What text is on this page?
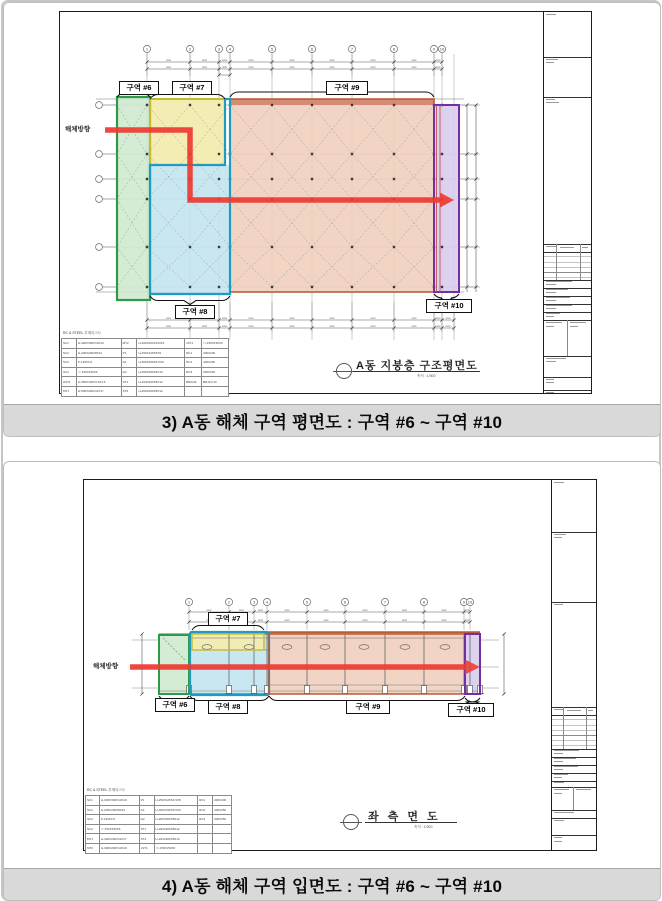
1	2	3 4	5	6	7	8	9 10
구역 #6	구역 #7	구역 #9
구역 #8
구역 #10
해체방향
RC & STEEL 부재리스트
SC1	H-300X300X10X16	MT2	H-300X200X10X16	xST1	ㅁ-150X150X6
SC2	H-200X200X8X12	P1	H-250X125X6X9	RC1	400X200
SC3	P-139X4.5	G1	H-300X150X6.5X9	RC2	400X250
SC4	ㅁ-150X150X6	G2	H-250X250X9X12	RC3	300X250
HST1	H-250X125X3.2X4.5	ST1	H-294X200X8X12	BRACE	BR16 F10
MT1	H-500X200X11X17	ST2	H-200X200X8X12		
A동 지붕층 구조평면도
축척 : 1/300
3) A동 해체 구역 평면도 : 구역 #6 ~ 구역 #10
1	2	3	4	5	6	7	8	9 10
구역 #6
구역 #7
구역 #8	구역 #9	구역 #10
해체방향
RC & STEEL 부재리스트
SC1	H-300X300X10X16	P1	H-250X125X4.5X8	RC1	400X200
SC2	H-200X200X8X12	G1	H-300X150X6.5X9	RC2	400X250
SC3	P-139X4.5	G2	H-200X200X8X12	RC3	300X250
SC4	ㅁ-150X150X6	ST1	H-294X200X8X12		
MT1	H-400X200X11X17	ST2	H-294X200X8X13		
MT2	H-300X200X10X16	xST1	ㅁ-150X150X6		
좌 측 면 도
축척 : 1/300
4) A동 해체 구역 입면도 : 구역 #6 ~ 구역 #10
